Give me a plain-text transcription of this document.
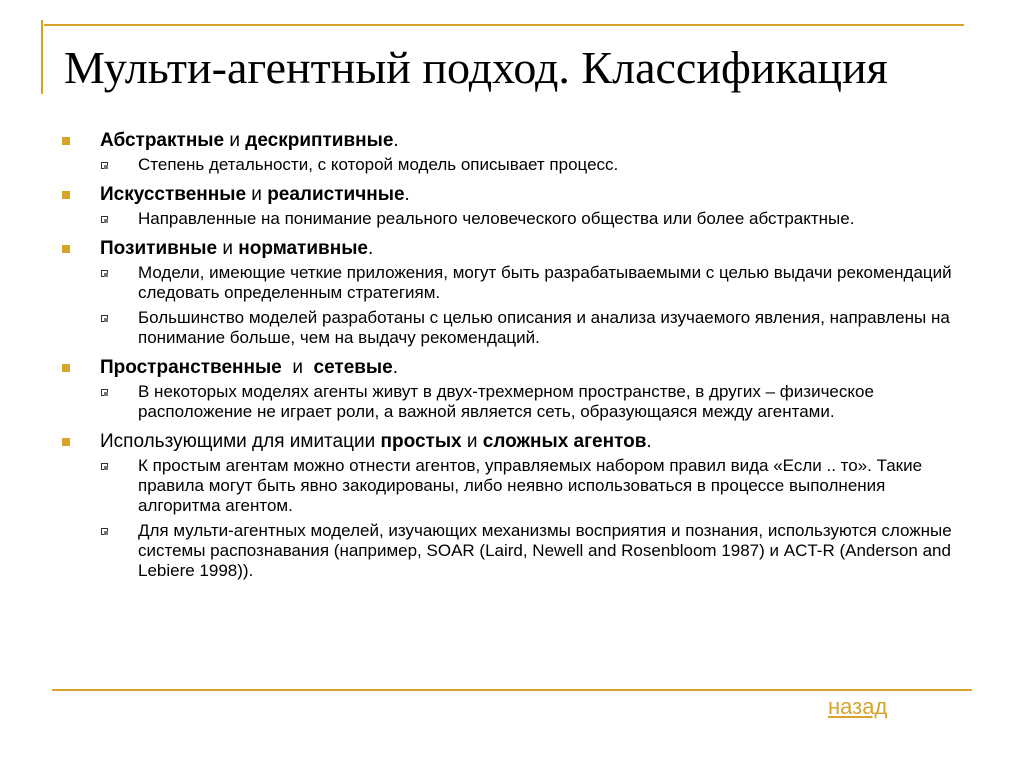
Мульти-агентный подход. Классификация
Абстрактные и дескриптивные.
Степень детальности, с которой модель описывает процесс.
Искусственные и реалистичные.
Направленные на понимание реального человеческого общества или более абстрактные.
Позитивные и нормативные.
Модели, имеющие четкие приложения, могут быть разрабатываемыми с целью выдачи рекомендаций следовать определенным стратегиям.
Большинство моделей разработаны с целью описания и анализа изучаемого явления, направлены на понимание больше, чем на выдачу рекомендаций.
Пространственные  и  сетевые.
В некоторых моделях агенты живут в двух-трехмерном пространстве, в других – физическое расположение не играет роли, а важной является сеть, образующаяся между агентами.
Использующими для имитации простых и сложных агентов.
К простым агентам можно отнести агентов, управляемых набором правил вида «Если .. то». Такие правила могут быть явно закодированы, либо неявно использоваться в процессе выполнения алгоритма агентом.
Для мульти-агентных моделей, изучающих механизмы восприятия и познания, используются сложные системы распознавания (например, SOAR (Laird, Newell and Rosenbloom 1987) и ACT-R (Anderson and Lebiere 1998)).
назад
